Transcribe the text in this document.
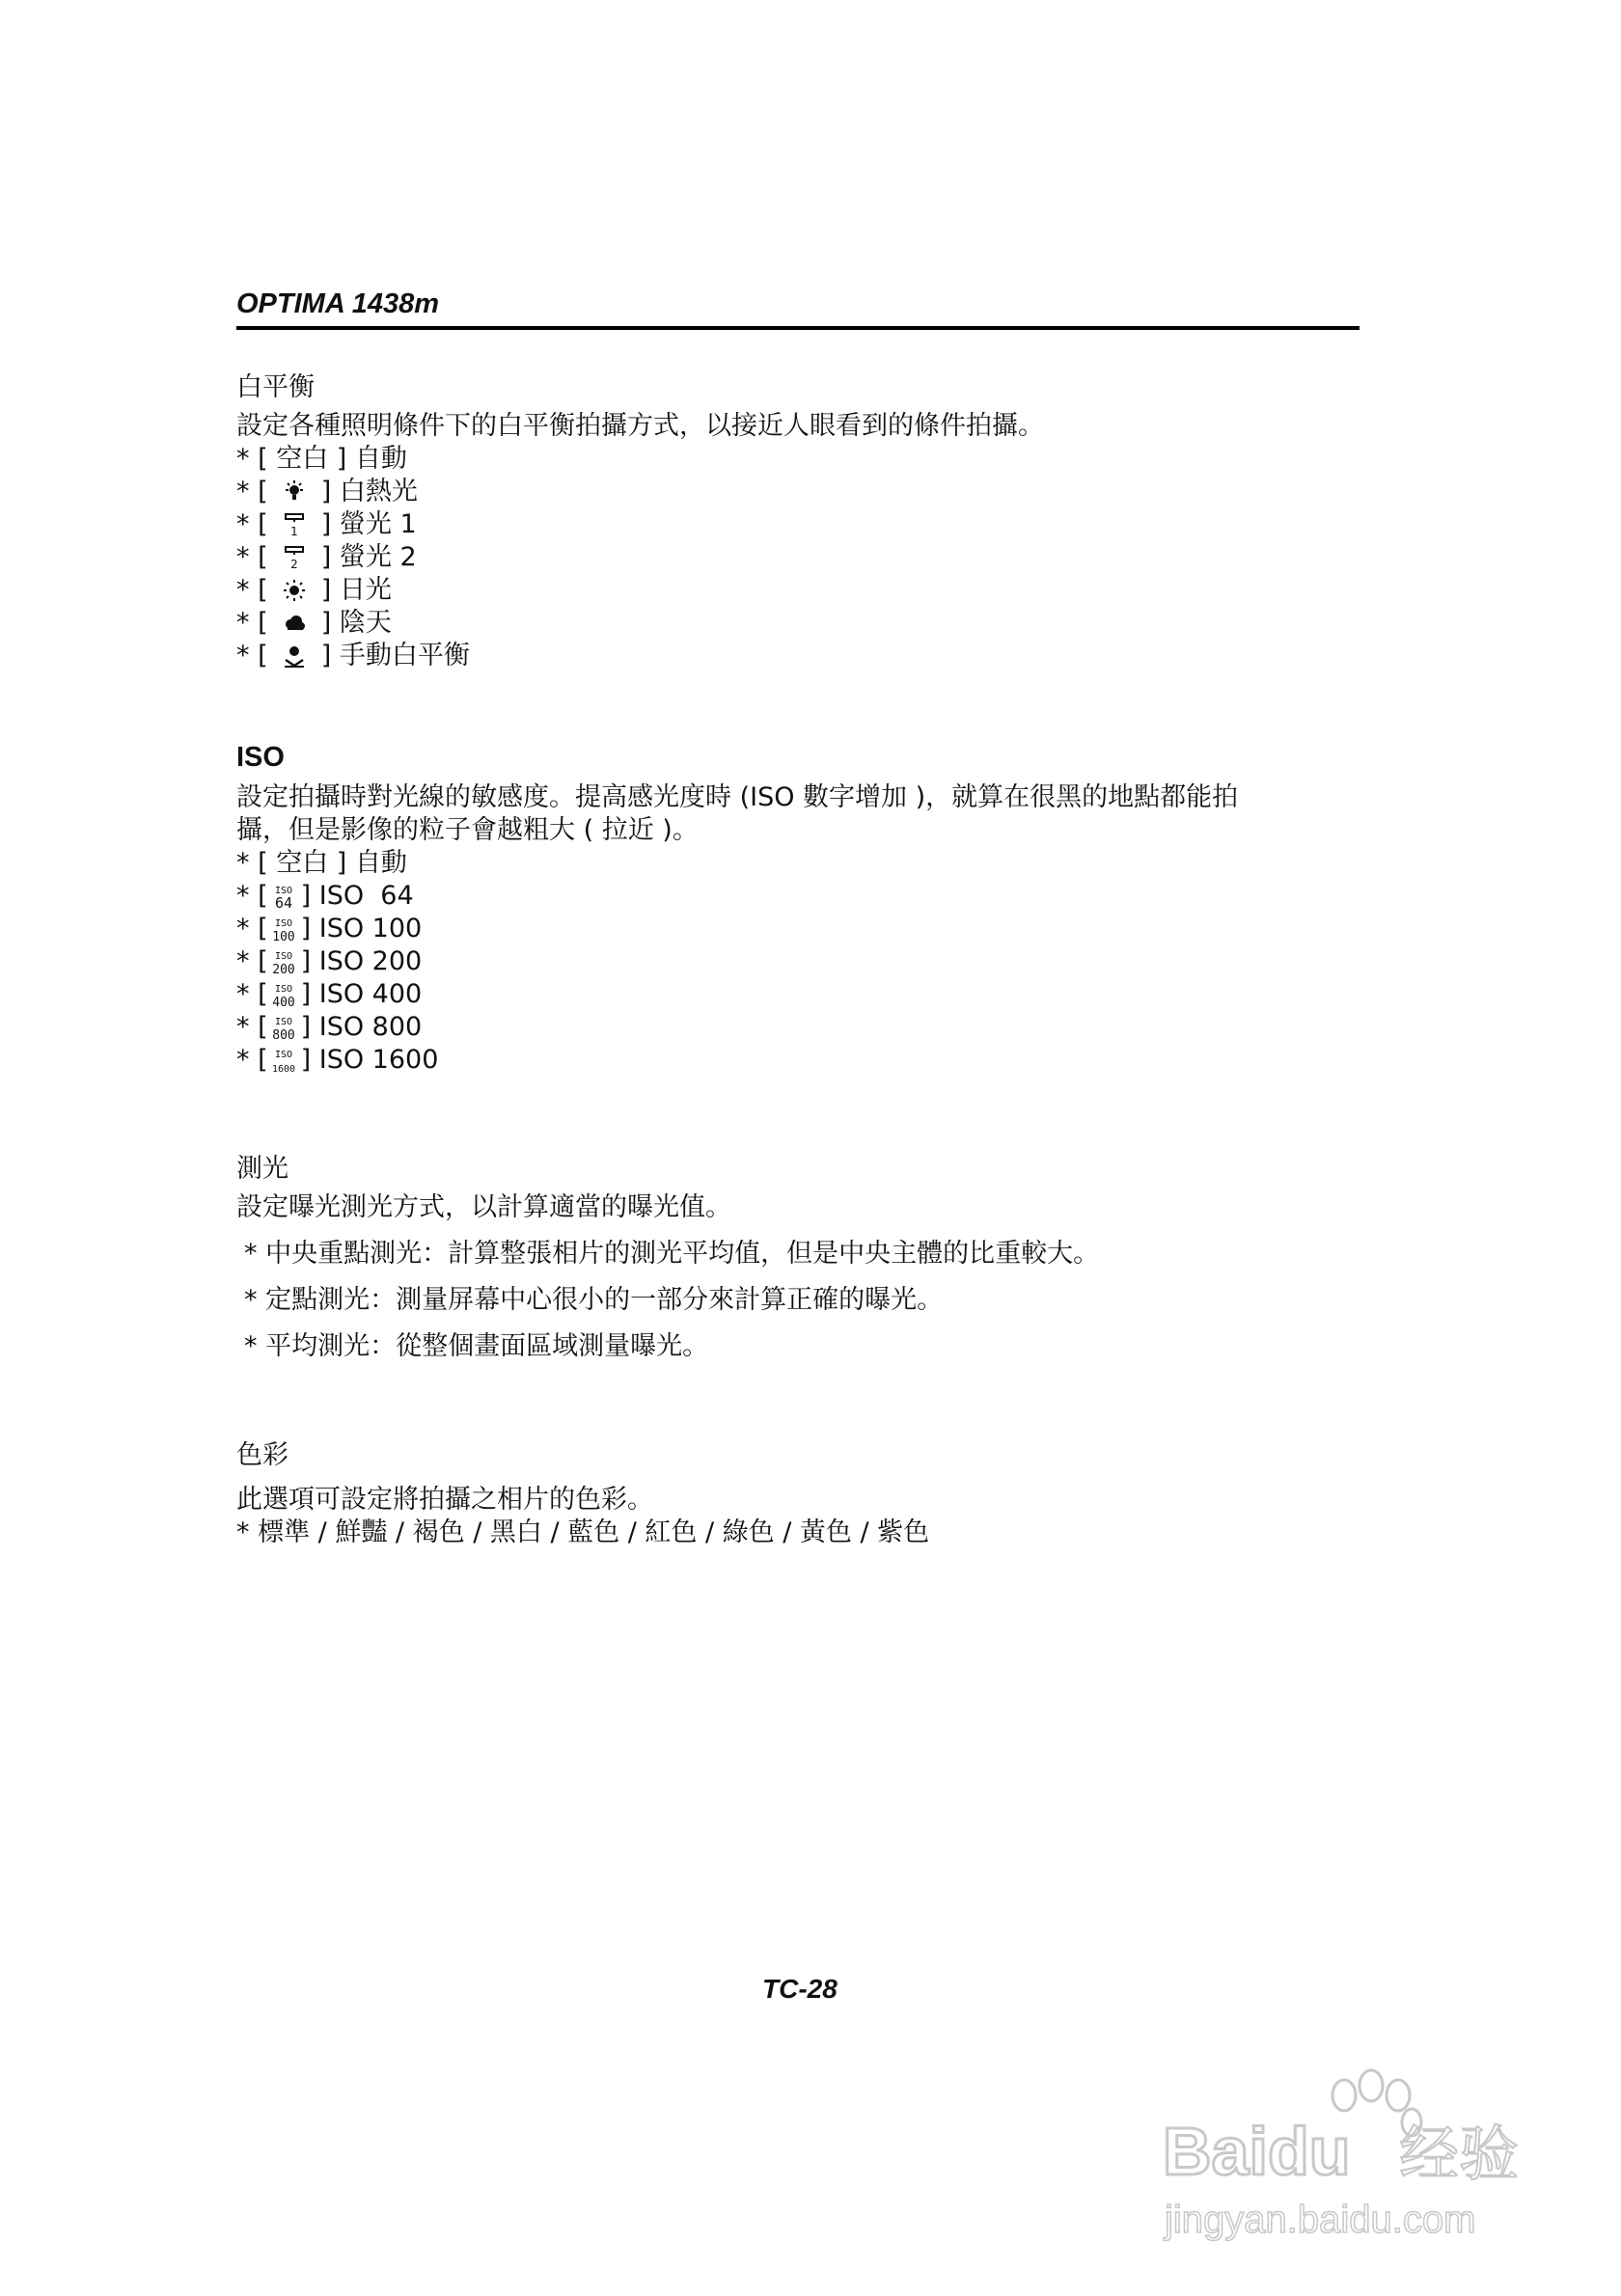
OPTIMA 1438m
白平衡
設定各種照明條件下的白平衡拍攝方式，以接近人眼看到的條件拍攝。
* [ 空白 ] 自動
* [ ] 白熱光
* [ 1 ] 螢光 1
* [ 2 ] 螢光 2
* [ ] 日光
* [ ] 陰天
* [ ] 手動白平衡
ISO
設定拍攝時對光線的敏感度。提高感光度時 (ISO 數字增加 )，就算在很黑的地點都能拍
攝，但是影像的粒子會越粗大 ( 拉近 )。
* [ 空白 ] 自動
* [ ISO
64 ] ISO  64
* [ ISO
100 ] ISO 100
* [ ISO
200 ] ISO 200
* [ ISO
400 ] ISO 400
* [ ISO
800 ] ISO 800
* [ ISO
1600 ] ISO 1600
測光
設定曝光測光方式，以計算適當的曝光值。
* 中央重點測光：計算整張相片的測光平均值，但是中央主體的比重較大。
* 定點測光：測量屏幕中心很小的一部分來計算正確的曝光。
* 平均測光：從整個畫面區域測量曝光。
色彩
此選項可設定將拍攝之相片的色彩。
* 標準 / 鮮豔 / 褐色 / 黑白 / 藍色 / 紅色 / 綠色 / 黃色 / 紫色
TC-28
Baidu 经验
jingyan.baidu.com
